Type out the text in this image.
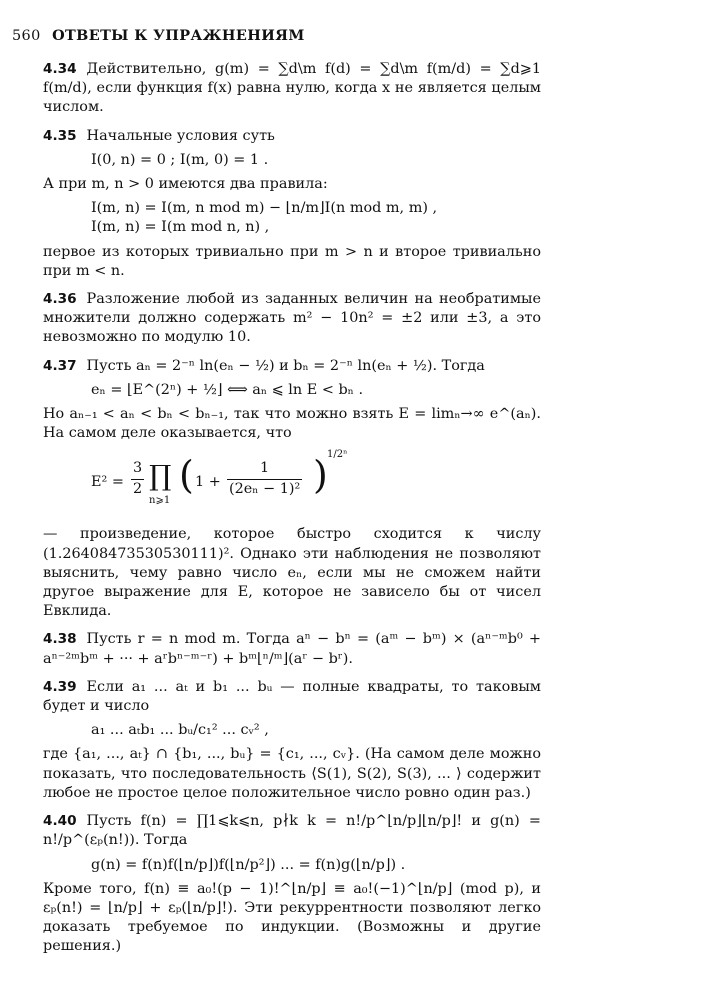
560 ОТВЕТЫ К УПРАЖНЕНИЯМ

4.34 Действительно, g(m) = ∑d\m f(d) = ∑d\m f(m/d) = ∑d⩾1 f(m/d), если функция f(x) равна нулю, когда x не является целым числом.

4.35 Начальные условия суть

I(0, n) = 0 ; I(m, 0) = 1 .

А при m, n > 0 имеются два правила:

I(m, n) = I(m, n mod m) − ⌊n/m⌋I(n mod m, m) ,
I(m, n) = I(m mod n, n) ,

первое из которых тривиально при m > n и второе тривиально при m < n.

4.36 Разложение любой из заданных величин на необратимые множители должно содержать m² − 10n² = ±2 или ±3, а это невозможно по модулю 10.

4.37 Пусть aₙ = 2⁻ⁿ ln(eₙ − ½) и bₙ = 2⁻ⁿ ln(eₙ + ½). Тогда

eₙ = ⌊E^(2ⁿ) + ½⌋ ⟺ aₙ ⩽ ln E < bₙ .

Но aₙ₋₁ < aₙ < bₙ < bₙ₋₁, так что можно взять E = limₙ→∞ e^(aₙ). На самом деле оказывается, что

$E^2 = \frac{3}{2}$ ∏
n⩾1
( $1 + \frac{1}{\text{(2eₙ − 1)²}}$ ) 1/2ⁿ

— произведение, которое быстро сходится к числу (1.26408473530530111)². Однако эти наблюдения не позволяют выяснить, чему равно число eₙ, если мы не сможем найти другое выражение для E, которое не зависело бы от чисел Евклида.

4.38 Пусть r = n mod m. Тогда aⁿ − bⁿ = (aᵐ − bᵐ) × (aⁿ⁻ᵐb⁰ + aⁿ⁻²ᵐbᵐ + ··· + aʳbⁿ⁻ᵐ⁻ʳ) + bᵐ⌊ⁿ/ᵐ⌋(aʳ − bʳ).

4.39 Если a₁ ... aₜ и b₁ ... bᵤ — полные квадраты, то таковым будет и число

a₁ ... aₜb₁ ... bᵤ/c₁² ... cᵥ² ,

где {a₁, ..., aₜ} ∩ {b₁, ..., bᵤ} = {c₁, ..., cᵥ}. (На самом деле можно показать, что последовательность ⟨S(1), S(2), S(3), ... ⟩ содержит любое не простое целое положительное число ровно один раз.)

4.40 Пусть f(n) = ∏1⩽k⩽n, p∤k k = n!/p^⌊n/p⌋⌊n/p⌋! и g(n) = n!/p^(εₚ(n!)). Тогда

g(n) = f(n)f(⌊n/p⌋)f(⌊n/p²⌋) ... = f(n)g(⌊n/p⌋) .

Кроме того, f(n) ≡ a₀!(p − 1)!^⌊n/p⌋ ≡ a₀!(−1)^⌊n/p⌋ (mod p), и εₚ(n!) = ⌊n/p⌋ + εₚ(⌊n/p⌋!). Эти рекуррентности позволяют легко доказать требуемое по индукции. (Возможны и другие решения.)
